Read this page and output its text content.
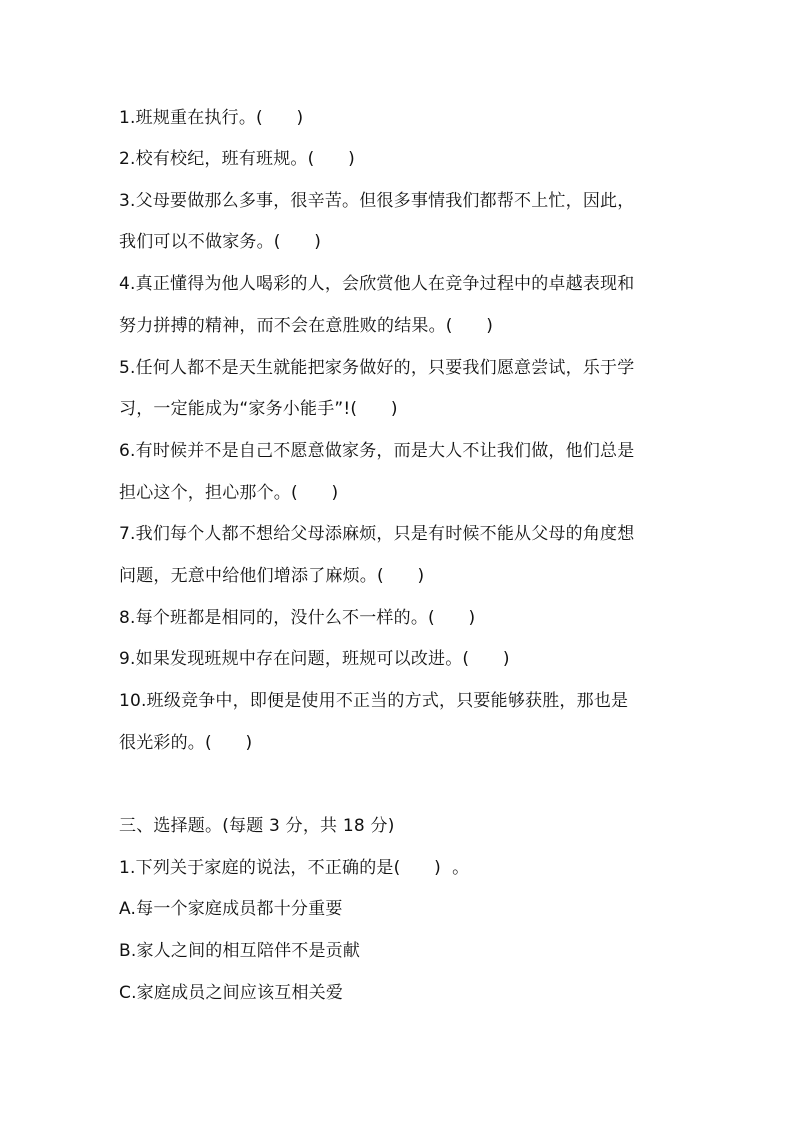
1.班规重在执行。(      )
2.校有校纪，班有班规。(      )
3.父母要做那么多事，很辛苦。但很多事情我们都帮不上忙，因此，
我们可以不做家务。(      )
4.真正懂得为他人喝彩的人，会欣赏他人在竞争过程中的卓越表现和
努力拼搏的精神，而不会在意胜败的结果。(      )
5.任何人都不是天生就能把家务做好的，只要我们愿意尝试，乐于学
习，一定能成为“家务小能手”!(      )
6.有时候并不是自己不愿意做家务，而是大人不让我们做，他们总是
担心这个，担心那个。(      )
7.我们每个人都不想给父母添麻烦，只是有时候不能从父母的角度想
问题，无意中给他们增添了麻烦。(      )
8.每个班都是相同的，没什么不一样的。(      )
9.如果发现班规中存在问题，班规可以改进。(      )
10.班级竞争中，即便是使用不正当的方式，只要能够获胜，那也是
很光彩的。(      )
三、选择题。(每题 3 分，共 18 分)
1.下列关于家庭的说法，不正确的是(      )  。
A.每一个家庭成员都十分重要
B.家人之间的相互陪伴不是贡献
C.家庭成员之间应该互相关爱
